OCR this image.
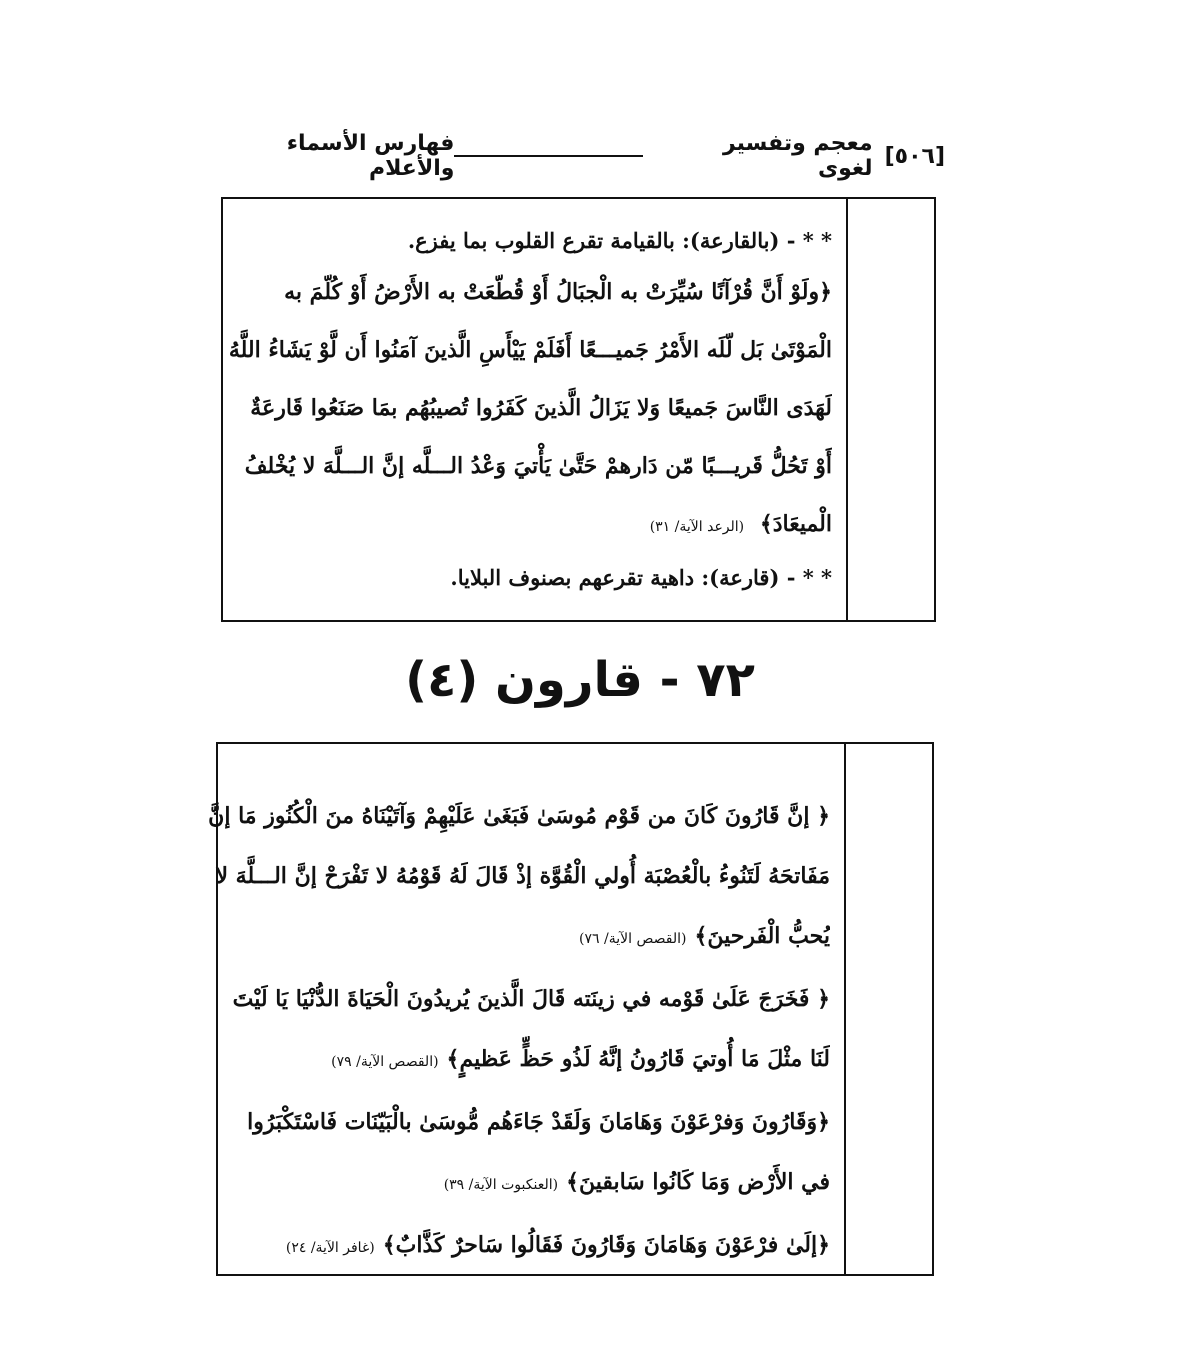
[٥٠٦]
معجم وتفسير لغوى
فهارس الأسماء والأعلام
* * - (بالقارعة): بالقيامة تقرع القلوب بما يفزع.
﴿ولَوْ أَنَّ قُرْآنًا سُيِّرَتْ به الْجبَالُ أَوْ قُطّعَتْ به الأَرْضُ أَوْ كُلّمَ به
الْمَوْتَىٰ بَل لّلَه الأَمْرُ جَميـــعًا أَفَلَمْ يَيْأَسِ الَّذينَ آمَنُوا أَن لَّوْ يَشَاءُ اللَّهُ
لَهَدَى النَّاسَ جَميعًا وَلا يَزَالُ الَّذينَ كَفَرُوا تُصيبُهُم بمَا صَنَعُوا قَارعَةٌ
أَوْ تَحُلُّ قَريـــبًا مّن دَارهمْ حَتَّىٰ يَأْتيَ وَعْدُ الـــلَّه إنَّ الـــلَّهَ لا يُخْلفُ
الْميعَادَ﴾ (الرعد الآية/ ٣١)
* * - (قارعة): داهية تقرعهم بصنوف البلايا.
٧٢ - قارون (٤)
﴿ إنَّ قَارُونَ كَانَ من قَوْم مُوسَىٰ فَبَغَىٰ عَلَيْهِمْ وَآتَيْنَاهُ منَ الْكُنُوز مَا إنَّ
مَفَاتحَهُ لَتَنُوءُ بالْعُصْبَة أُولي الْقُوَّة إذْ قَالَ لَهُ قَوْمُهُ لا تَفْرَحْ إنَّ الـــلَّهَ لا
يُحبُّ الْفَرحينَ﴾(القصص الآية/ ٧٦)
﴿ فَخَرَجَ عَلَىٰ قَوْمه في زينَته قَالَ الَّذينَ يُريدُونَ الْحَيَاةَ الدُّنْيَا يَا لَيْتَ
لَنَا مثْلَ مَا أُوتيَ قَارُونُ إنَّهُ لَذُو حَظٍّ عَظيمٍ﴾(القصص الآية/ ٧٩)
﴿وَقَارُونَ وَفرْعَوْنَ وَهَامَانَ وَلَقَدْ جَاءَهُم مُّوسَىٰ بالْبَيّنَات فَاسْتَكْبَرُوا
في الأَرْض وَمَا كَانُوا سَابقينَ﴾(العنكبوت الآية/ ٣٩)
﴿إلَىٰ فرْعَوْنَ وَهَامَانَ وَقَارُونَ فَقَالُوا سَاحرٌ كَذَّابٌ﴾(غافر الآية/ ٢٤)
